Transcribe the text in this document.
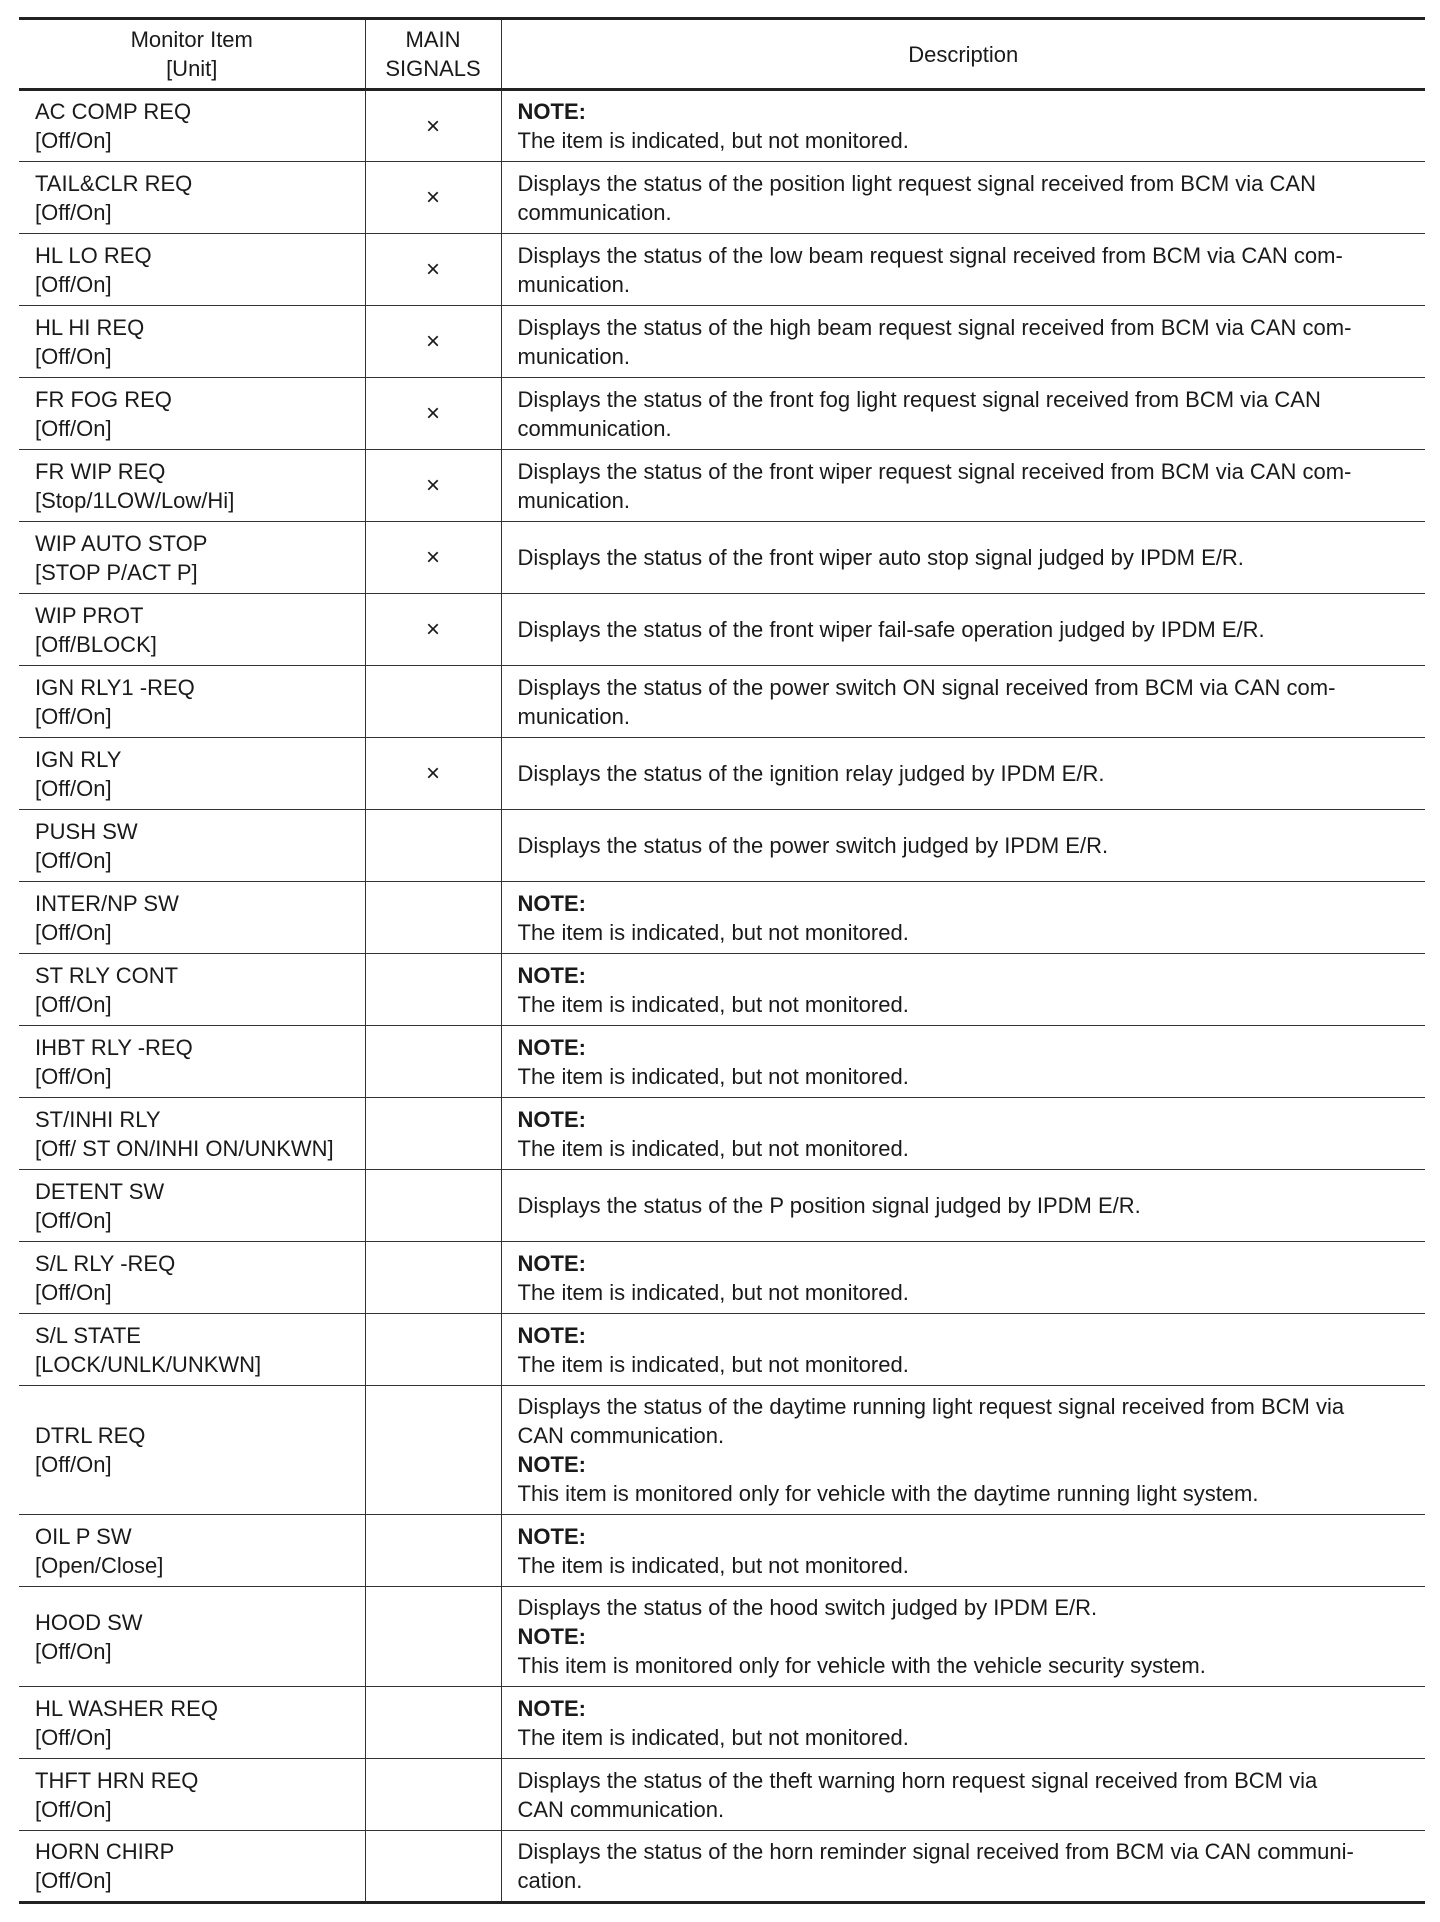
Monitor Item
[Unit]	MAIN
SIGNALS	Description

AC COMP REQ
[Off/On]	×	NOTE:
The item is indicated, but not monitored.

TAIL&CLR REQ
[Off/On]	×	Displays the status of the position light request signal received from BCM via CAN
communication.

HL LO REQ
[Off/On]	×	Displays the status of the low beam request signal received from BCM via CAN com-
munication.

HL HI REQ
[Off/On]	×	Displays the status of the high beam request signal received from BCM via CAN com-
munication.

FR FOG REQ
[Off/On]	×	Displays the status of the front fog light request signal received from BCM via CAN
communication.

FR WIP REQ
[Stop/1LOW/Low/Hi]	×	Displays the status of the front wiper request signal received from BCM via CAN com-
munication.

WIP AUTO STOP
[STOP P/ACT P]	×	Displays the status of the front wiper auto stop signal judged by IPDM E/R.

WIP PROT
[Off/BLOCK]	×	Displays the status of the front wiper fail-safe operation judged by IPDM E/R.

IGN RLY1 -REQ
[Off/On]		Displays the status of the power switch ON signal received from BCM via CAN com-
munication.

IGN RLY
[Off/On]	×	Displays the status of the ignition relay judged by IPDM E/R.

PUSH SW
[Off/On]		Displays the status of the power switch judged by IPDM E/R.

INTER/NP SW
[Off/On]		NOTE:
The item is indicated, but not monitored.

ST RLY CONT
[Off/On]		NOTE:
The item is indicated, but not monitored.

IHBT RLY -REQ
[Off/On]		NOTE:
The item is indicated, but not monitored.

ST/INHI RLY
[Off/ ST ON/INHI ON/UNKWN]		NOTE:
The item is indicated, but not monitored.

DETENT SW
[Off/On]		Displays the status of the P position signal judged by IPDM E/R.

S/L RLY -REQ
[Off/On]		NOTE:
The item is indicated, but not monitored.

S/L STATE
[LOCK/UNLK/UNKWN]		NOTE:
The item is indicated, but not monitored.

DTRL REQ
[Off/On]		Displays the status of the daytime running light request signal received from BCM via
CAN communication.
NOTE:
This item is monitored only for vehicle with the daytime running light system.

OIL P SW
[Open/Close]		NOTE:
The item is indicated, but not monitored.

HOOD SW
[Off/On]		Displays the status of the hood switch judged by IPDM E/R.
NOTE:
This item is monitored only for vehicle with the vehicle security system.

HL WASHER REQ
[Off/On]		NOTE:
The item is indicated, but not monitored.

THFT HRN REQ
[Off/On]		Displays the status of the theft warning horn request signal received from BCM via
CAN communication.

HORN CHIRP
[Off/On]		Displays the status of the horn reminder signal received from BCM via CAN communi-
cation.
